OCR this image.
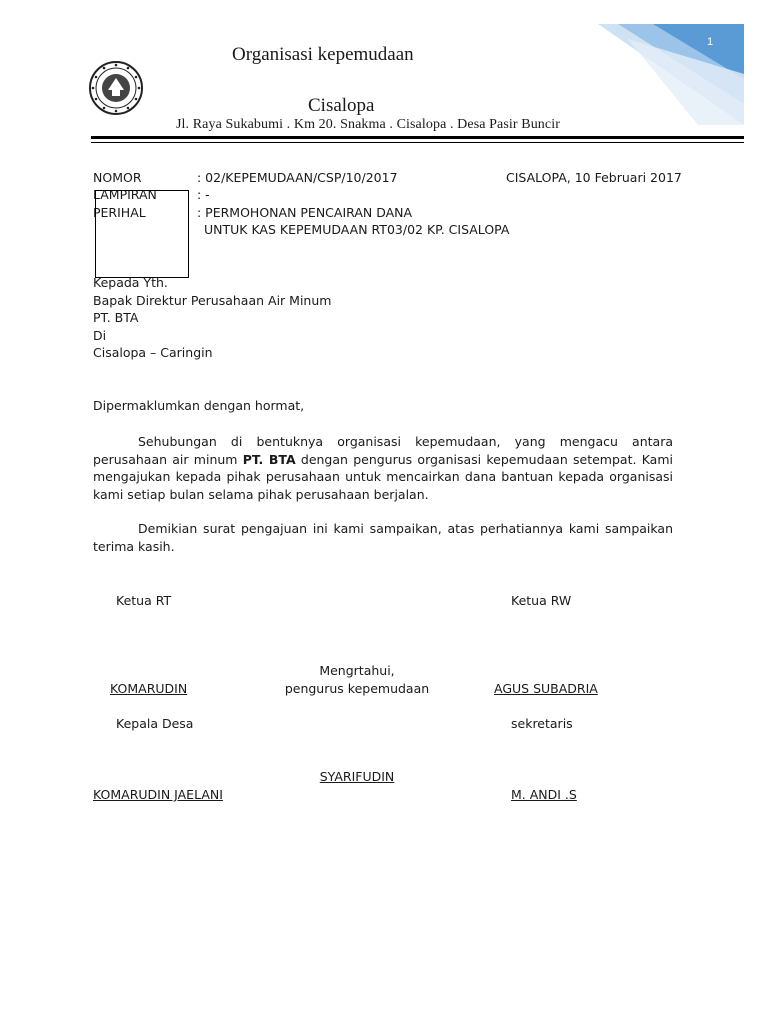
1
Organisasi kepemudaan
Cisalopa
Jl. Raya Sukabumi . Km 20. Snakma . Cisalopa . Desa Pasir Buncir
NOMOR	: 02/KEPEMUDAAN/CSP/10/2017	CISALOPA, 10 Februari 2017
LAMPIRAN	: -
PERIHAL	: PERMOHONAN PENCAIRAN DANA
UNTUK KAS KEPEMUDAAN RT03/02 KP. CISALOPA
Kepada Yth.
Bapak Direktur Perusahaan Air Minum
PT. BTA
Di
Cisalopa – Caringin
Dipermaklumkan dengan hormat,
Sehubungan di bentuknya organisasi kepemudaan, yang mengacu antara perusahaan air minum PT. BTA dengan pengurus organisasi kepemudaan setempat. Kami mengajukan kepada pihak perusahaan untuk mencairkan dana bantuan kepada organisasi kami setiap bulan selama pihak perusahaan berjalan.
Demikian surat pengajuan ini kami sampaikan, atas perhatiannya kami sampaikan terima kasih.
Ketua RT	Ketua RW
Mengrtahui,
pengurus kepemudaan
KOMARUDIN	AGUS SUBADRIA
Kepala Desa	sekretaris
SYARIFUDIN
KOMARUDIN JAELANI	M. ANDI .S
